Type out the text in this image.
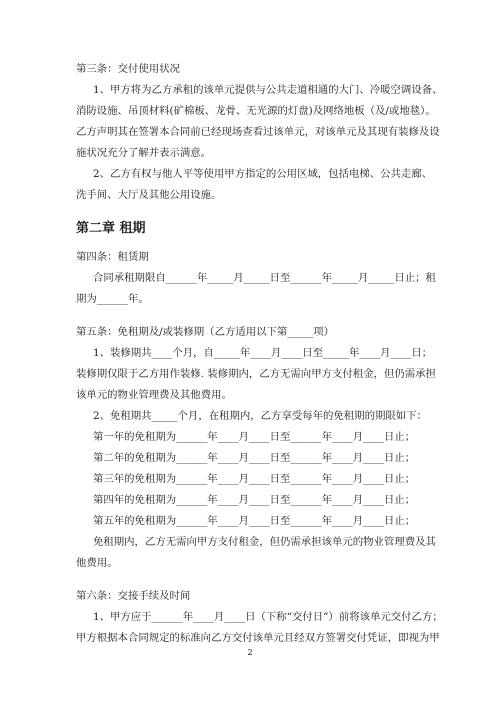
第三条：交付使用状况
1、甲方将为乙方承租的该单元提供与公共走道相通的大门、冷暖空调设备、
消防设施、吊顶材料(矿棉板、龙骨、无光源的灯盘)及网络地板（及/或地毯）。
乙方声明其在签署本合同前已经现场查看过该单元，对该单元及其现有装修及设
施状况充分了解并表示满意。
2、乙方有权与他人平等使用甲方指定的公用区域，包括电梯、公共走廊、
洗手间、大厅及其他公用设施。
第二章 租期
第四条：租赁期
合同承租期限自______年_____月_____日至______年_____月_____日止；租
期为______年。
第五条：免租期及/或装修期（乙方适用以下第_____项）
1、装修期共____个月，自_____年____月____日至_____年____月____日；
装修期仅限于乙方用作装修. 装修期内，乙方无需向甲方支付租金，但仍需承担
该单元的物业管理费及其他费用。
2、免租期共_____个月，在租期内，乙方享受每年的免租期的期限如下：
第一年的免租期为______年____月____日至______年____月____日止；
第二年的免租期为______年____月____日至______年____月____日止；
第三年的免租期为______年____月____日至______年____月____日止；
第四年的免租期为______年____月____日至______年____月____日止；
第五年的免租期为______年____月____日至______年____月____日止；
免租期内，乙方无需向甲方支付租金，但仍需承担该单元的物业管理费及其
他费用。
第六条：交接手续及时间
1、甲方应于______年____月____日（下称“交付日”）前将该单元交付乙方；
甲方根据本合同规定的标准向乙方交付该单元且经双方签署交付凭证，即视为甲
2
